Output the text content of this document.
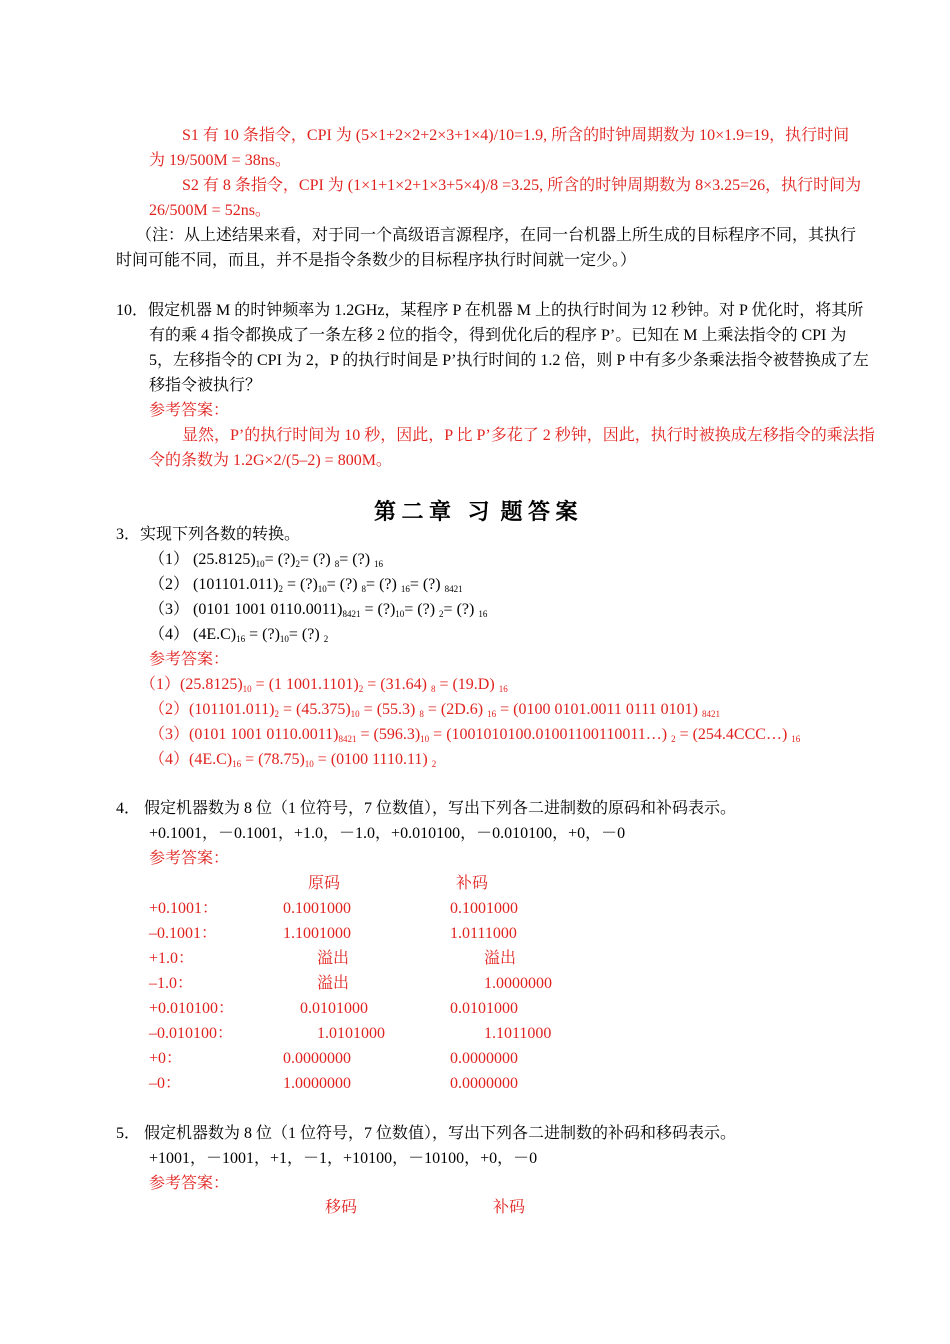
S1 有 10 条指令，CPI 为 (5×1+2×2+2×3+1×4)/10=1.9, 所含的时钟周期数为 10×1.9=19，执行时间
为 19/500M = 38ns。
S2 有 8 条指令，CPI 为 (1×1+1×2+1×3+5×4)/8 =3.25, 所含的时钟周期数为 8×3.25=26，执行时间为
26/500M = 52ns。
（注：从上述结果来看，对于同一个高级语言源程序，在同一台机器上所生成的目标程序不同，其执行
时间可能不同，而且，并不是指令条数少的目标程序执行时间就一定少。）
10．假定机器 M 的时钟频率为 1.2GHz，某程序 P 在机器 M 上的执行时间为 12 秒钟。对 P 优化时，将其所
有的乘 4 指令都换成了一条左移 2 位的指令，得到优化后的程序 P’。已知在 M 上乘法指令的 CPI 为
5，左移指令的 CPI 为 2，P 的执行时间是 P’执行时间的 1.2 倍，则 P 中有多少条乘法指令被替换成了左
移指令被执行？
参考答案：
显然，P’的执行时间为 10 秒，因此，P 比 P’多花了 2 秒钟，因此，执行时被换成左移指令的乘法指
令的条数为 1.2G×2/(5–2) = 800M。
第 二 章   习  题 答 案
3．实现下列各数的转换。
（1） $(25.8125)_{10}=$ $(?)_2=$ (?) $_8$= (?) $_{16}$
（2） $(101101.011)_2$ = $(?)_{10}=$ (?) $_8$= (?) $_{16}$= (?) $_{8421}$
（3） (0101 1001 $0110.0011)_{8421}$ = $(?)_{10}=$ (?) $_2$= (?) $_{16}$
（4） $(4E.C)_{16}$ = $(?)_{10}=$ (?) $_2$
参考答案：
$(1)(25.8125)_{10} = (1$ $1001.1101)_2 = (31.64)$ $_8$ = (19.D) $_{16}$
$(2)(101101.011)_2 = (45.375)_{10} = (55.3) _8 = (2D.6) _{16} = (0100$ 0101.0011 0111 0101) $_{8421}$
（3）(0101 1001 $0110.0011)_{8421} = (596.3)_{10}$ = (1001010100.01001100110011…) $_2$ = (254.4CCC…) $_{16}$
$(4)(4E.C)_{16} = (78.75)_{10} = (0100$ 1110.11) $_2$
4． 假定机器数为 8 位（1 位符号，7 位数值），写出下列各二进制数的原码和补码表示。
+0.1001，－0.1001，+1.0，－1.0，+0.010100，－0.010100，+0，－0
参考答案：
原码	补码
+0.1001：	0.1001000	0.1001000
–0.1001：	1.1001000	1.0111000
+1.0：	溢出	溢出
–1.0：	溢出	1.0000000
+0.010100：	0.0101000	0.0101000
–0.010100：	1.0101000	1.1011000
+0：	0.0000000	0.0000000
–0：	1.0000000	0.0000000
5． 假定机器数为 8 位（1 位符号，7 位数值），写出下列各二进制数的补码和移码表示。
+1001，－1001，+1，－1，+10100，－10100，+0，－0
参考答案：
移码	补码
